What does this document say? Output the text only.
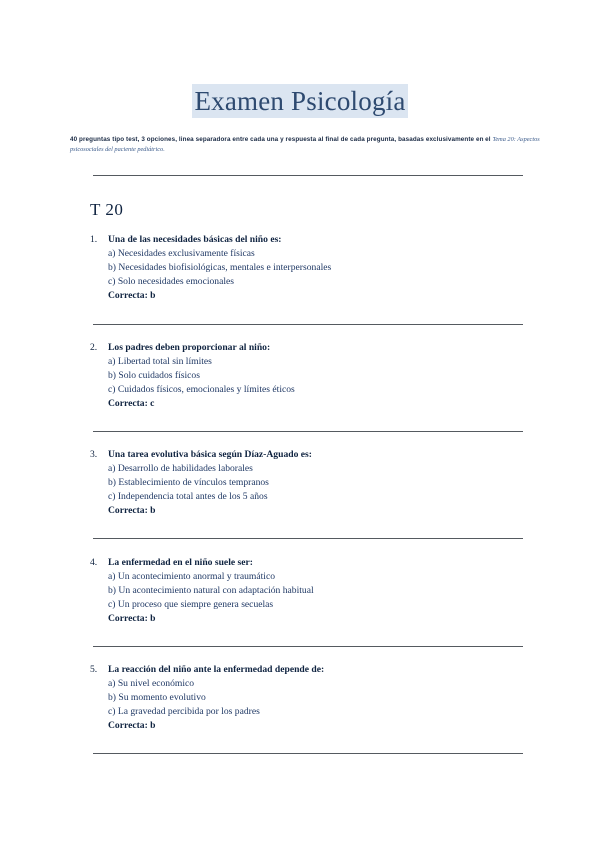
Examen Psicología
40 preguntas tipo test, 3 opciones, linea separadora entre cada una y respuesta al final de cada pregunta, basadas exclusivamente en el Tema 20: Aspectos psicosociales del paciente pediátrico.
T 20
1.	Una de las necesidades básicas del niño es:
a) Necesidades exclusivamente físicas
b) Necesidades biofisiológicas, mentales e interpersonales
c) Solo necesidades emocionales
Correcta: b
2.	Los padres deben proporcionar al niño:
a) Libertad total sin límites
b) Solo cuidados físicos
c) Cuidados físicos, emocionales y límites éticos
Correcta: c
3.	Una tarea evolutiva básica según Díaz-Aguado es:
a) Desarrollo de habilidades laborales
b) Establecimiento de vínculos tempranos
c) Independencia total antes de los 5 años
Correcta: b
4.	La enfermedad en el niño suele ser:
a) Un acontecimiento anormal y traumático
b) Un acontecimiento natural con adaptación habitual
c) Un proceso que siempre genera secuelas
Correcta: b
5.	La reacción del niño ante la enfermedad depende de:
a) Su nivel económico
b) Su momento evolutivo
c) La gravedad percibida por los padres
Correcta: b
